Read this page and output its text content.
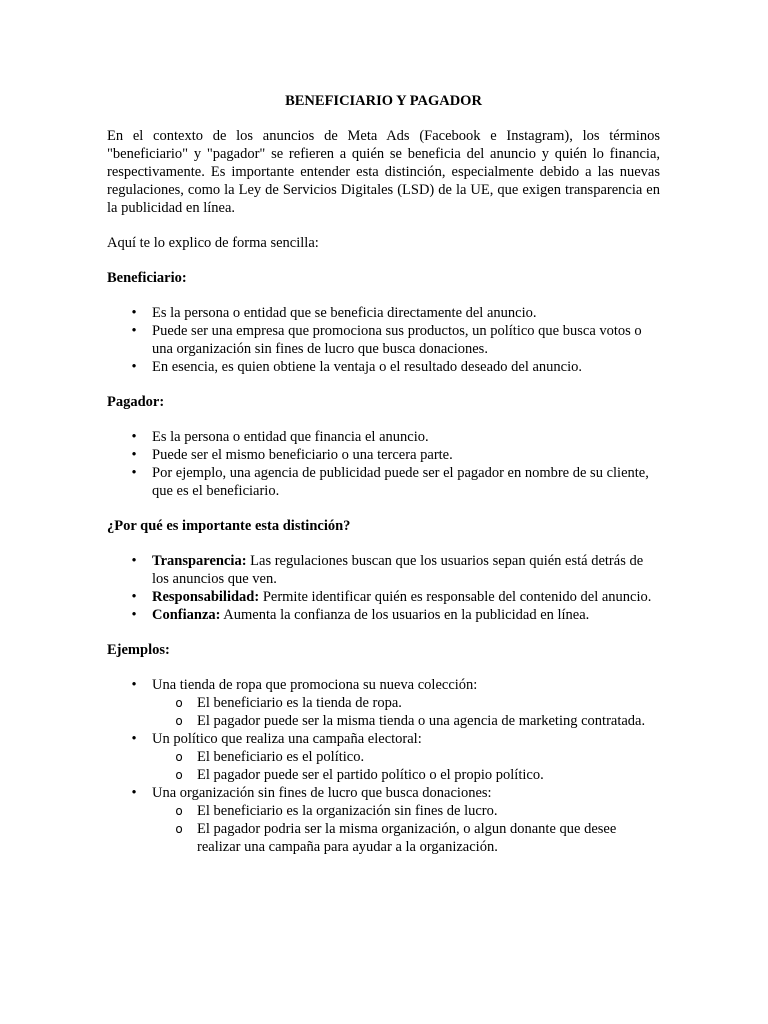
BENEFICIARIO Y PAGADOR

En el contexto de los anuncios de Meta Ads (Facebook e Instagram), los términos "beneficiario" y "pagador" se refieren a quién se beneficia del anuncio y quién lo financia, respectivamente. Es importante entender esta distinción, especialmente debido a las nuevas regulaciones, como la Ley de Servicios Digitales (LSD) de la UE, que exigen transparencia en la publicidad en línea.

Aquí te lo explico de forma sencilla:

Beneficiario:

• Es la persona o entidad que se beneficia directamente del anuncio.
• Puede ser una empresa que promociona sus productos, un político que busca votos o una organización sin fines de lucro que busca donaciones.
• En esencia, es quien obtiene la ventaja o el resultado deseado del anuncio.

Pagador:

• Es la persona o entidad que financia el anuncio.
• Puede ser el mismo beneficiario o una tercera parte.
• Por ejemplo, una agencia de publicidad puede ser el pagador en nombre de su cliente, que es el beneficiario.

¿Por qué es importante esta distinción?

• Transparencia: Las regulaciones buscan que los usuarios sepan quién está detrás de los anuncios que ven.
• Responsabilidad: Permite identificar quién es responsable del contenido del anuncio.
• Confianza: Aumenta la confianza de los usuarios en la publicidad en línea.

Ejemplos:

• Una tienda de ropa que promociona su nueva colección:
o El beneficiario es la tienda de ropa.
o El pagador puede ser la misma tienda o una agencia de marketing contratada.
• Un político que realiza una campaña electoral:
o El beneficiario es el político.
o El pagador puede ser el partido político o el propio político.
• Una organización sin fines de lucro que busca donaciones:
o El beneficiario es la organización sin fines de lucro.
o El pagador podria ser la misma organización, o algun donante que desee realizar una campaña para ayudar a la organización.
